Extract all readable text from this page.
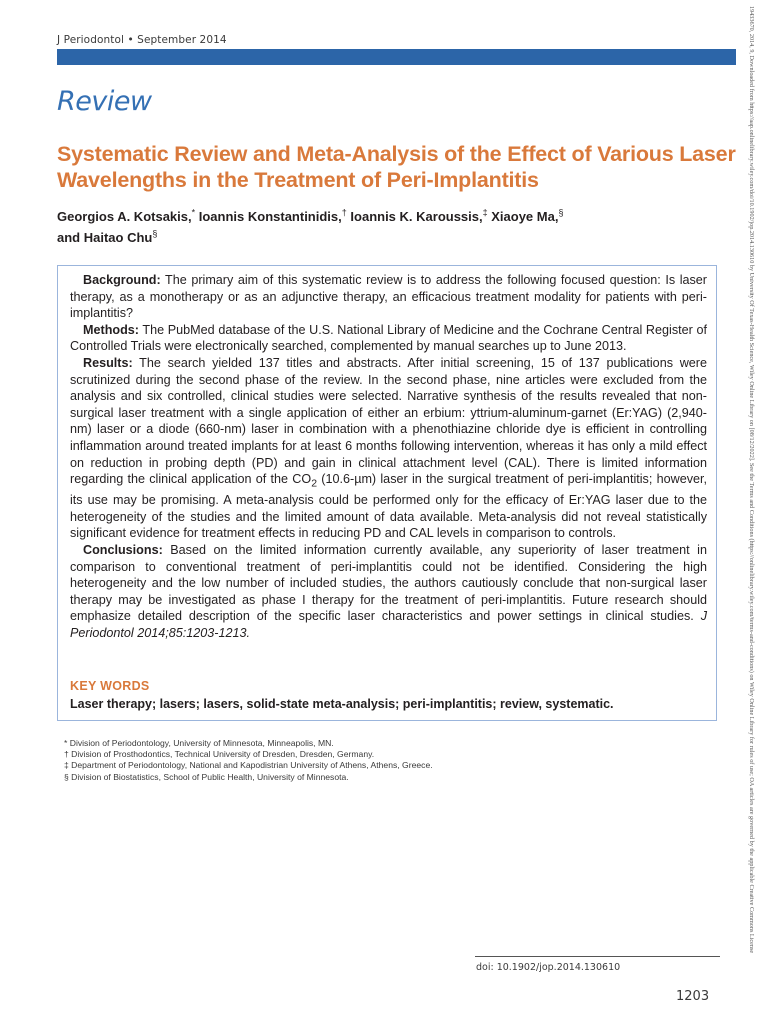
J Periodontol • September 2014
Review
Systematic Review and Meta-Analysis of the Effect of Various Laser Wavelengths in the Treatment of Peri-Implantitis
Georgios A. Kotsakis,* Ioannis Konstantinidis,† Ioannis K. Karoussis,‡ Xiaoye Ma,§
and Haitao Chu§

Background: The primary aim of this systematic review is to address the following focused question: Is laser therapy, as a monotherapy or as an adjunctive therapy, an efficacious treatment modality for patients with peri-implantitis?

Methods: The PubMed database of the U.S. National Library of Medicine and the Cochrane Central Register of Controlled Trials were electronically searched, complemented by manual searches up to June 2013.

Results: The search yielded 137 titles and abstracts. After initial screening, 15 of 137 publications were scrutinized during the second phase of the review. In the second phase, nine articles were excluded from the analysis and six controlled, clinical studies were selected. Narrative synthesis of the results revealed that non-surgical laser treatment with a single application of either an erbium: yttrium-aluminum-garnet (Er:YAG) (2,940-nm) laser or a diode (660-nm) laser in combination with a phenothiazine chloride dye is efficient in controlling inflammation around treated implants for at least 6 months following intervention, whereas it has only a mild effect on reduction in probing depth (PD) and gain in clinical attachment level (CAL). There is limited information regarding the clinical application of the $CO_2$ (10.6-µm) laser in the surgical treatment of peri-implantitis; however, its use may be promising. A meta-analysis could be performed only for the efficacy of Er:YAG laser due to the heterogeneity of the studies and the limited amount of data available. Meta-analysis did not reveal statistically significant evidence for treatment effects in reducing PD and CAL levels in comparison to controls.

Conclusions: Based on the limited information currently available, any superiority of laser treatment in comparison to conventional treatment of peri-implantitis could not be identified. Considering the high heterogeneity and the low number of included studies, the authors cautiously conclude that non-surgical laser therapy may be investigated as phase I therapy for the treatment of peri-implantitis. Future research should emphasize detailed description of the specific laser characteristics and power settings in clinical studies. J Periodontol 2014;85:1203-1213.

KEY WORDS
Laser therapy; lasers; lasers, solid-state meta-analysis; peri-implantitis; review, systematic.
* Division of Periodontology, University of Minnesota, Minneapolis, MN.
† Division of Prosthodontics, Technical University of Dresden, Dresden, Germany.
‡ Department of Periodontology, National and Kapodistrian University of Athens, Athens, Greece.
§ Division of Biostatistics, School of Public Health, University of Minnesota.
doi: 10.1902/jop.2014.130610
1203
19433670, 2014, 9, Downloaded from https://aap.onlinelibrary.wiley.com/doi/10.1902/jop.2014.130610 by University Of Texas-Health Science, Wiley Online Library on [08/12/2022]. See the Terms and Conditions (https://onlinelibrary.wiley.com/terms-and-conditions) on Wiley Online Library for rules of use; OA articles are governed by the applicable Creative Commons License
